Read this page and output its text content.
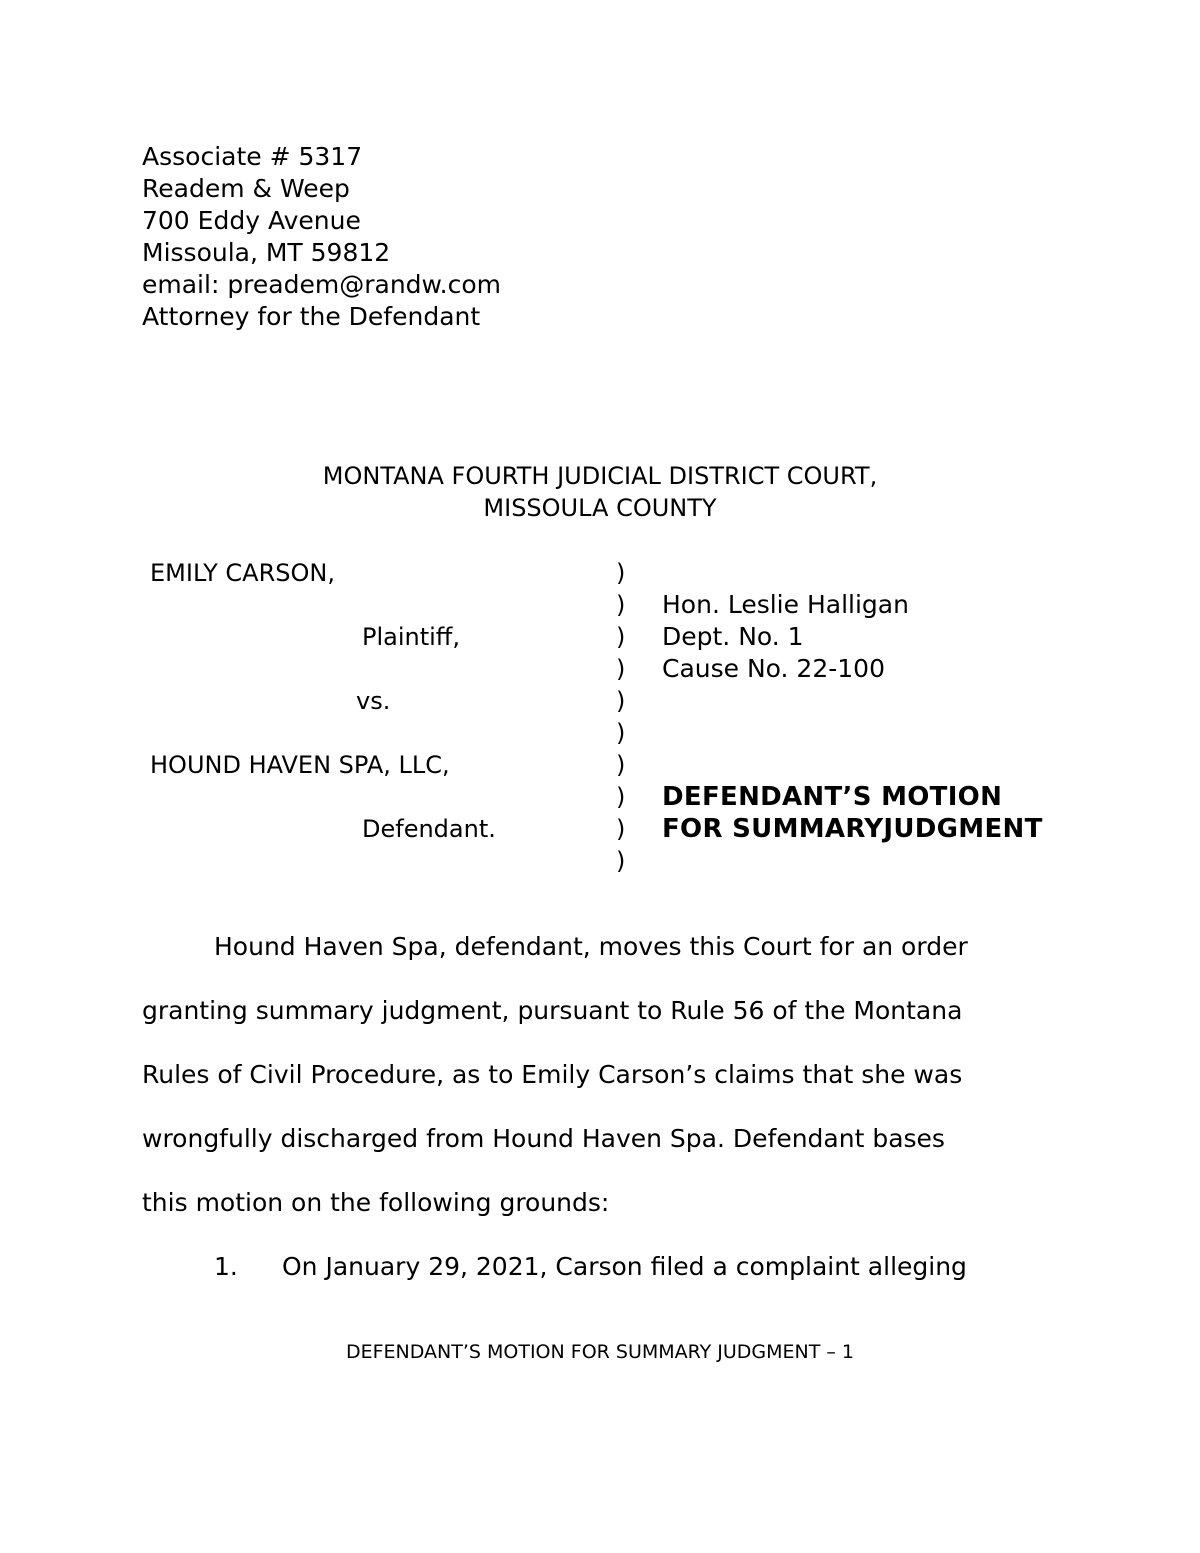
Associate # 5317
Readem & Weep
700 Eddy Avenue
Missoula, MT 59812
email: preadem@randw.com
Attorney for the Defendant
MONTANA FOURTH JUDICIAL DISTRICT COURT,
MISSOULA COUNTY
EMILY CARSON,
Plaintiff,
vs.
HOUND HAVEN SPA, LLC,
Defendant.
)
)
)
)
)
)
)
)
)
)
Hon. Leslie Halligan
Dept. No. 1
Cause No. 22-100
DEFENDANT’S MOTION
FOR SUMMARYJUDGMENT
Hound Haven Spa, defendant, moves this Court for an order
granting summary judgment, pursuant to Rule 56 of the Montana
Rules of Civil Procedure, as to Emily Carson’s claims that she was
wrongfully discharged from Hound Haven Spa. Defendant bases
this motion on the following grounds:
1. On January 29, 2021, Carson filed a complaint alleging
DEFENDANT’S MOTION FOR SUMMARY JUDGMENT – 1
